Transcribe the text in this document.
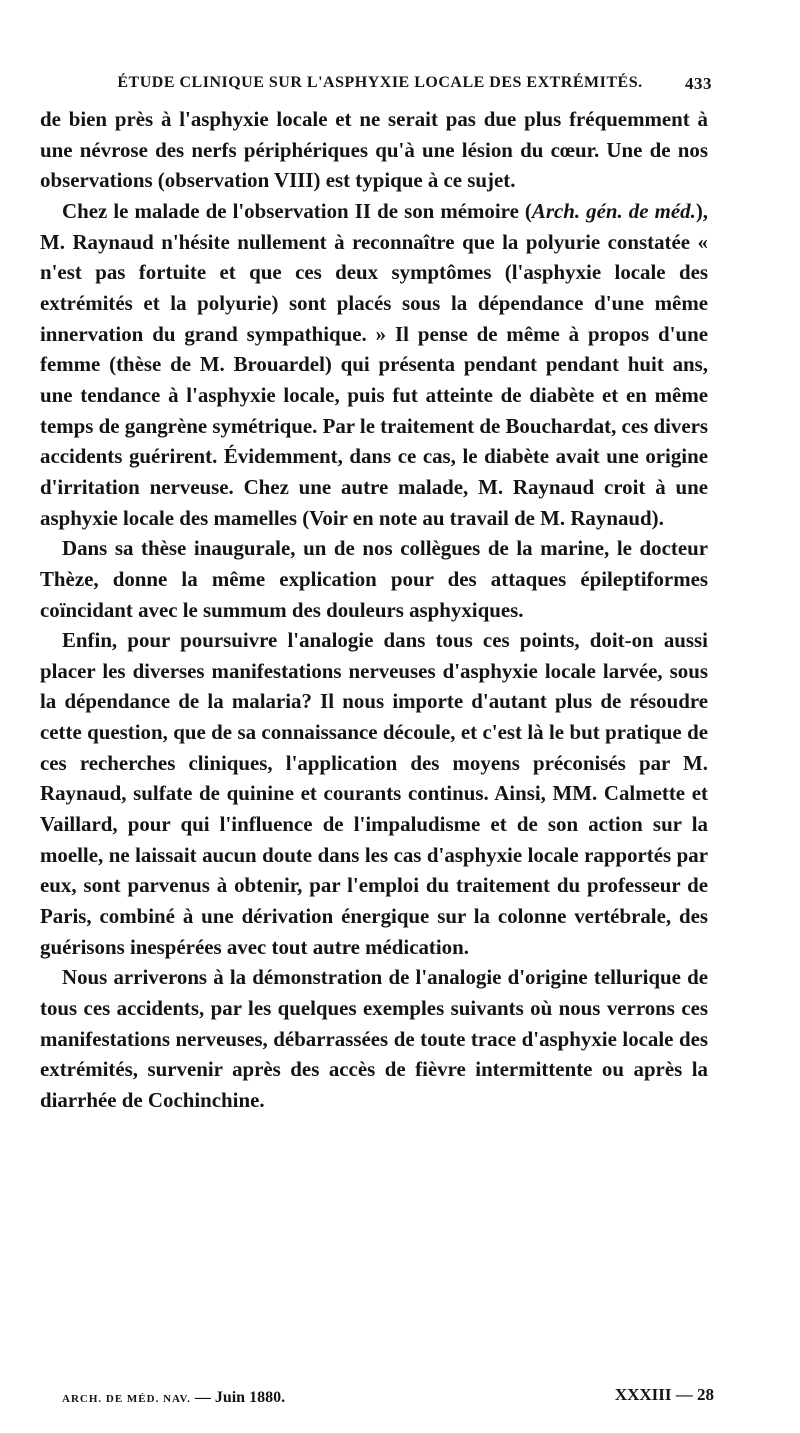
ÉTUDE CLINIQUE SUR L'ASPHYXIE LOCALE DES EXTRÉMITÉS.	433

de bien près à l'asphyxie locale et ne serait pas due plus fréquemment à une névrose des nerfs périphériques qu'à une lésion du cœur. Une de nos observations (observation VIII) est typique à ce sujet.

Chez le malade de l'observation II de son mémoire (Arch. gén. de méd.), M. Raynaud n'hésite nullement à reconnaître que la polyurie constatée « n'est pas fortuite et que ces deux symptômes (l'asphyxie locale des extrémités et la polyurie) sont placés sous la dépendance d'une même innervation du grand sympathique. » Il pense de même à propos d'une femme (thèse de M. Brouardel) qui présenta pendant pendant huit ans, une tendance à l'asphyxie locale, puis fut atteinte de diabète et en même temps de gangrène symétrique. Par le traitement de Bouchardat, ces divers accidents guérirent. Évidemment, dans ce cas, le diabète avait une origine d'irritation nerveuse. Chez une autre malade, M. Raynaud croit à une asphyxie locale des mamelles (Voir en note au travail de M. Raynaud).

Dans sa thèse inaugurale, un de nos collègues de la marine, le docteur Thèze, donne la même explication pour des attaques épileptiformes coïncidant avec le summum des douleurs asphyxiques.

Enfin, pour poursuivre l'analogie dans tous ces points, doit-on aussi placer les diverses manifestations nerveuses d'asphyxie locale larvée, sous la dépendance de la malaria? Il nous importe d'autant plus de résoudre cette question, que de sa connaissance découle, et c'est là le but pratique de ces recherches cliniques, l'application des moyens préconisés par M. Raynaud, sulfate de quinine et courants continus. Ainsi, MM. Calmette et Vaillard, pour qui l'influence de l'impaludisme et de son action sur la moelle, ne laissait aucun doute dans les cas d'asphyxie locale rapportés par eux, sont parvenus à obtenir, par l'emploi du traitement du professeur de Paris, combiné à une dérivation énergique sur la colonne vertébrale, des guérisons inespérées avec tout autre médication.

Nous arriverons à la démonstration de l'analogie d'origine tellurique de tous ces accidents, par les quelques exemples suivants où nous verrons ces manifestations nerveuses, débarrassées de toute trace d'asphyxie locale des extrémités, survenir après des accès de fièvre intermittente ou après la diarrhée de Cochinchine.

ARCH. DE MÉD. NAV. — Juin 1880.	XXXIII — 28
